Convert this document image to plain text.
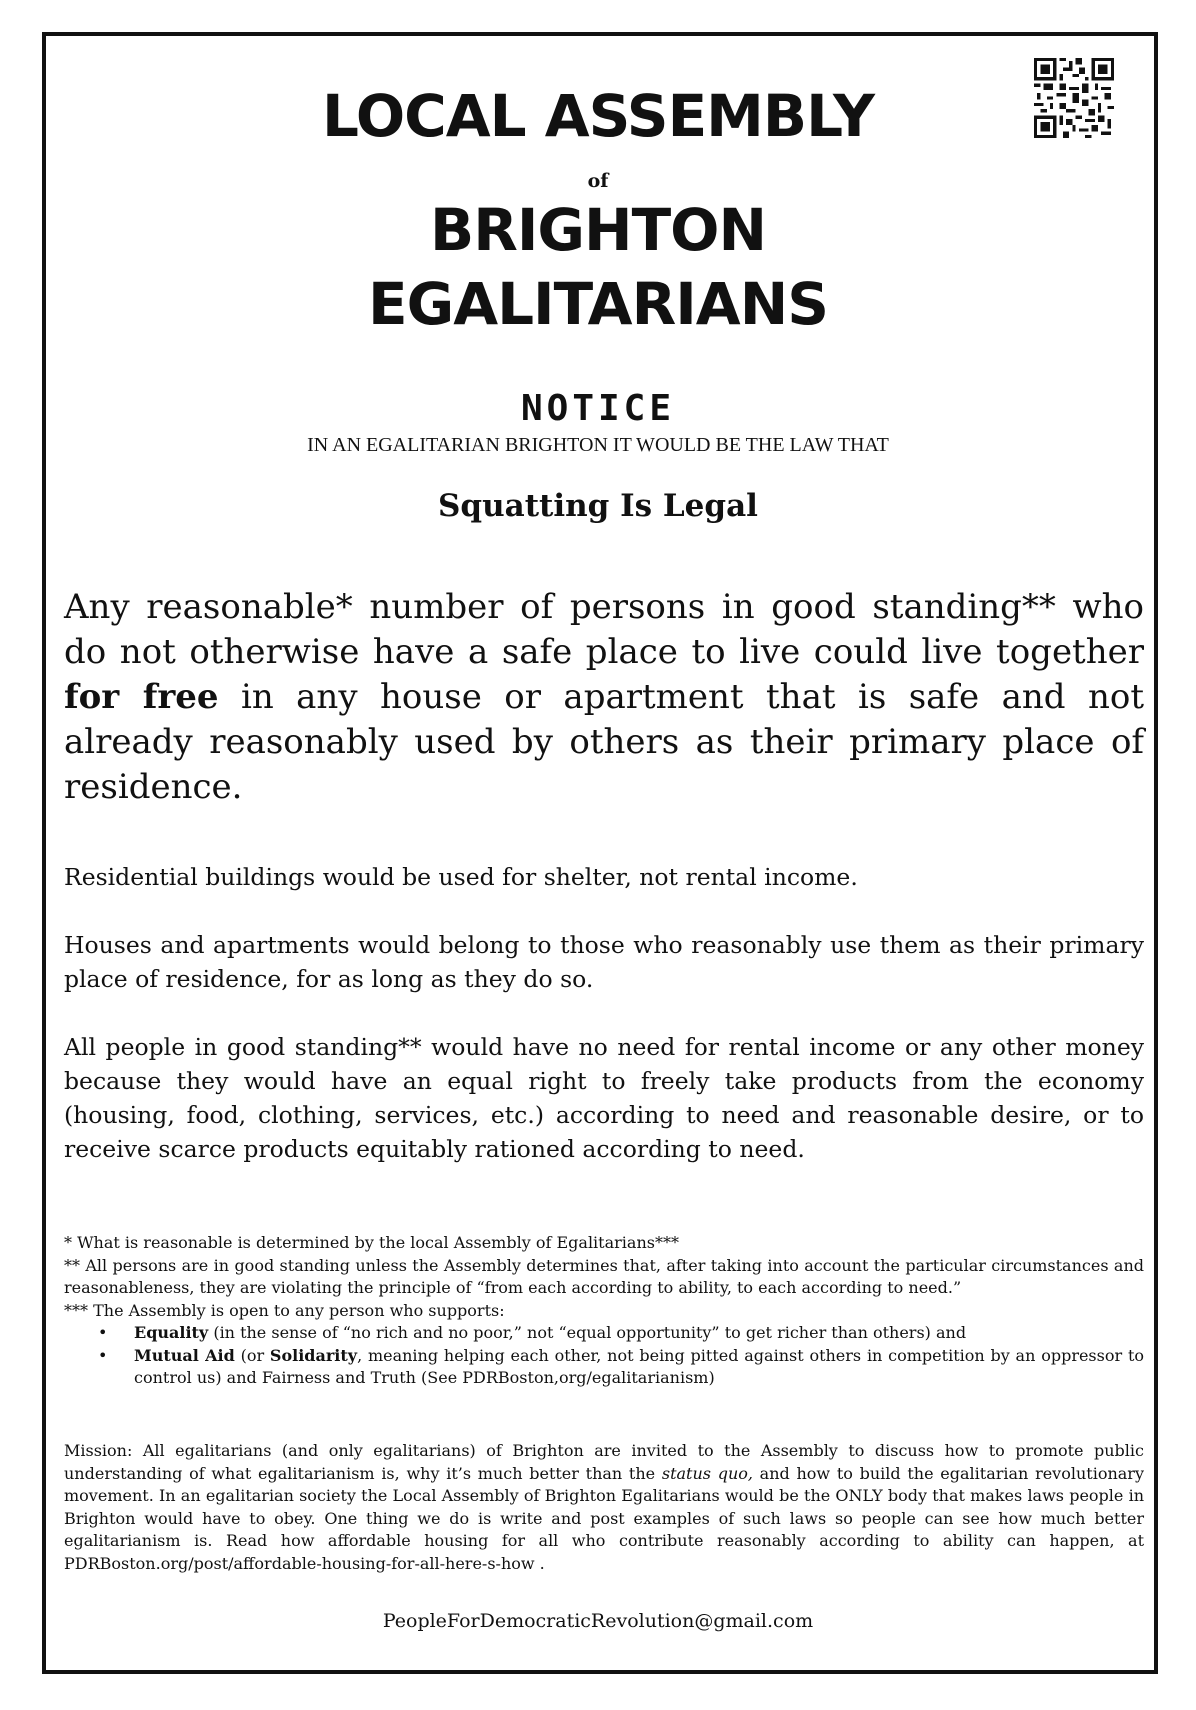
LOCAL ASSEMBLY
of
BRIGHTON
EGALITARIANS
NOTICE
IN AN EGALITARIAN BRIGHTON IT WOULD BE THE LAW THAT
Squatting Is Legal
Any reasonable* number of persons in good standing** who do not otherwise have a safe place to live could live together for free in any house or apartment that is safe and not already reasonably used by others as their primary place of residence.
Residential buildings would be used for shelter, not rental income.
Houses and apartments would belong to those who reasonably use them as their primary place of residence, for as long as they do so.
All people in good standing** would have no need for rental income or any other money because they would have an equal right to freely take products from the economy (housing, food, clothing, services, etc.) according to need and reasonable desire, or to receive scarce products equitably rationed according to need.

* What is reasonable is determined by the local Assembly of Egalitarians***

** All persons are in good standing unless the Assembly determines that, after taking into account the particular circumstances and reasonableness, they are violating the principle of “from each according to ability, to each according to need.”

*** The Assembly is open to any person who supports:

• Equality (in the sense of “no rich and no poor,” not “equal opportunity” to get richer than others) and

• Mutual Aid (or Solidarity, meaning helping each other, not being pitted against others in competition by an oppressor to control us) and Fairness and Truth (See PDRBoston,org/egalitarianism)

Mission: All egalitarians (and only egalitarians) of Brighton are invited to the Assembly to discuss how to promote public understanding of what egalitarianism is, why it’s much better than the status quo, and how to build the egalitarian revolutionary movement. In an egalitarian society the Local Assembly of Brighton Egalitarians would be the ONLY body that makes laws people in Brighton would have to obey. One thing we do is write and post examples of such laws so people can see how much better egalitarianism is. Read how affordable housing for all who contribute reasonably according to ability can happen, at PDRBoston.org/post/affordable-housing-for-all-here-s-how .
PeopleForDemocraticRevolution@gmail.com
